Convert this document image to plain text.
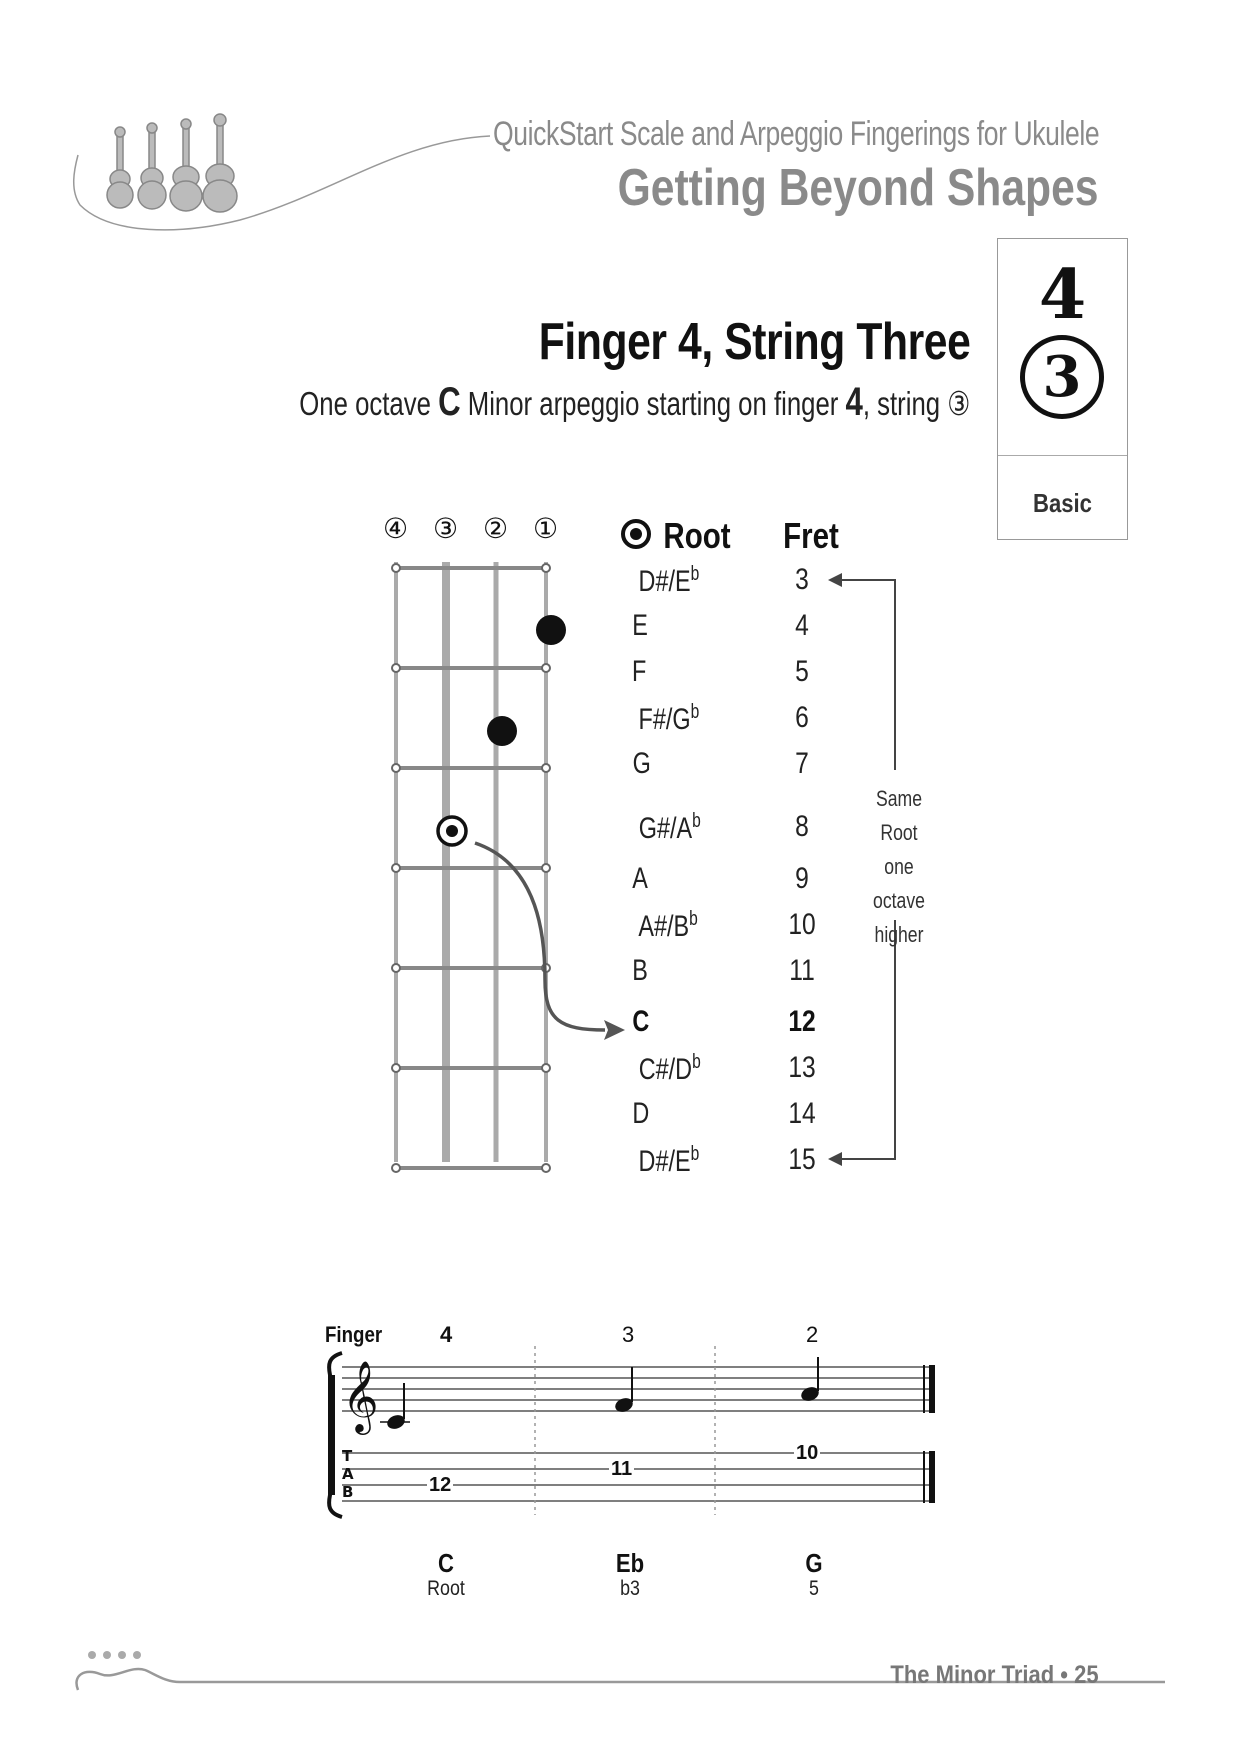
QuickStart Scale and Arpeggio Fingerings for Ukulele
Getting Beyond Shapes
Finger 4, String Three
One octave C Minor arpeggio starting on finger 4, string ③
4
3
Basic
④ ③ ② ①	Root Fret
$D\#/E^b$	3
E	4
F	5
$F\#/G^b$	6
G	7
$G\#/A^b$	8
A	9
$A\#/B^b$	10
B	11
C	12
$C\#/D^b$	13
D	14
$D\#/E^b$	15
Same
Root one
octave
higher
Finger	4	3	2
𝄞
T
A
B	12
11
10
C	Eb	G
Root	b3	5
The Minor Triad • 25
